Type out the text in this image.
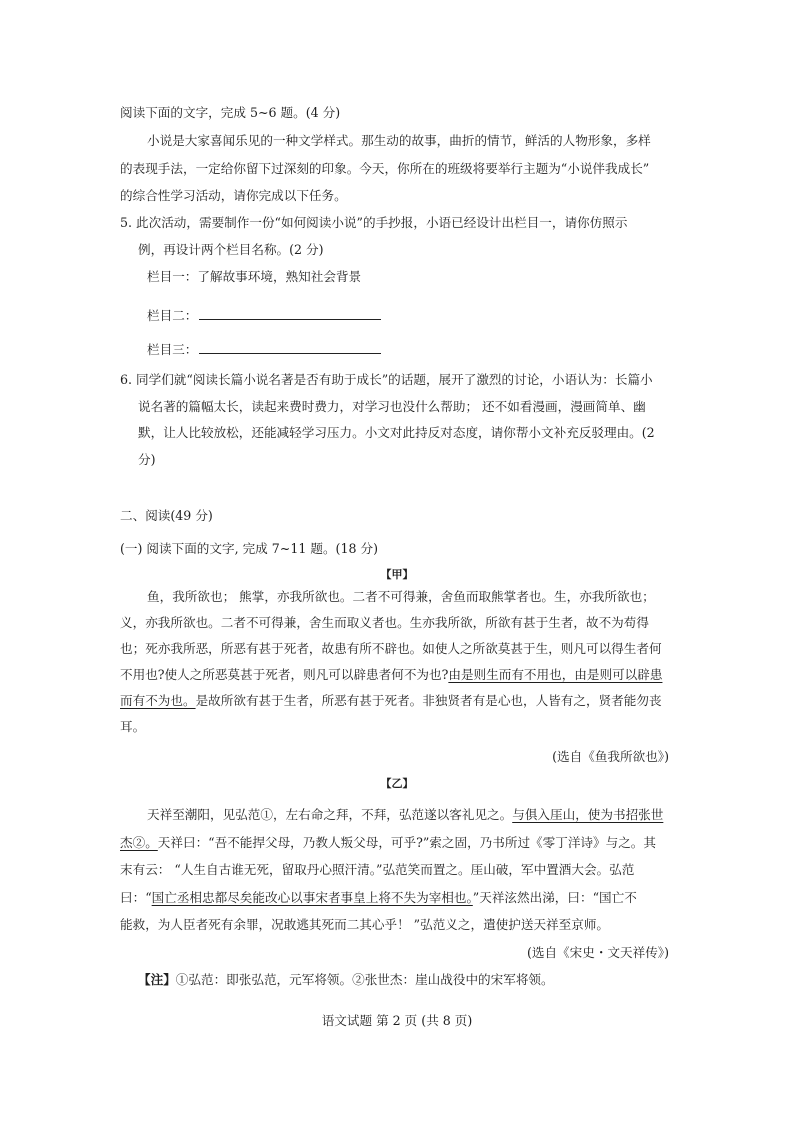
阅读下面的文字，完成 5~6 题。(4 分)
小说是大家喜闻乐见的一种文学样式。那生动的故事，曲折的情节，鲜活的人物形象，多样
的表现手法，一定给你留下过深刻的印象。今天，你所在的班级将要举行主题为“小说伴我成长”
的综合性学习活动，请你完成以下任务。
5. 此次活动，需要制作一份“如何阅读小说”的手抄报，小语已经设计出栏目一，请你仿照示
例，再设计两个栏目名称。(2 分)
栏目一：了解故事环境，熟知社会背景
栏目二：
栏目三：
6. 同学们就“阅读长篇小说名著是否有助于成长”的话题，展开了激烈的讨论，小语认为：长篇小
说名著的篇幅太长，读起来费时费力，对学习也没什么帮助； 还不如看漫画，漫画简单、幽
默，让人比较放松，还能减轻学习压力。小文对此持反对态度，请你帮小文补充反驳理由。(2
分)
二、阅读(49 分)
(一) 阅读下面的文字, 完成 7~11 题。(18 分)
【甲】
鱼，我所欲也； 熊掌，亦我所欲也。二者不可得兼，舍鱼而取熊掌者也。生，亦我所欲也；
义，亦我所欲也。二者不可得兼，舍生而取义者也。生亦我所欲，所欲有甚于生者，故不为苟得
也；死亦我所恶，所恶有甚于死者，故患有所不辟也。如使人之所欲莫甚于生，则凡可以得生者何
不用也?使人之所恶莫甚于死者，则凡可以辟患者何不为也?由是则生而有不用也，由是则可以辟患
而有不为也。是故所欲有甚于生者，所恶有甚于死者。非独贤者有是心也，人皆有之，贤者能勿丧
耳。
(选自《鱼我所欲也》)
【乙】
天祥至潮阳，见弘范①，左右命之拜，不拜，弘范遂以客礼见之。与俱入厓山，使为书招张世
杰②。天祥曰：“吾不能捍父母，乃教人叛父母，可乎?”索之固，乃书所过《零丁洋诗》与之。其
末有云： “人生自古谁无死，留取丹心照汗清。”弘范笑而置之。厓山破，军中置酒大会。弘范
曰：“国亡丞相忠都尽矣能改心以事宋者事皇上将不失为宰相也。”天祥泫然出涕，曰：“国亡不
能救，为人臣者死有余罪，况敢逃其死而二其心乎！ ”弘范义之，遣使护送天祥至京师。
(选自《宋史・文天祥传》)
【注】①弘范：即张弘范，元军将领。②张世杰：崖山战役中的宋军将领。
语文试题 第 2 页 (共 8 页)
